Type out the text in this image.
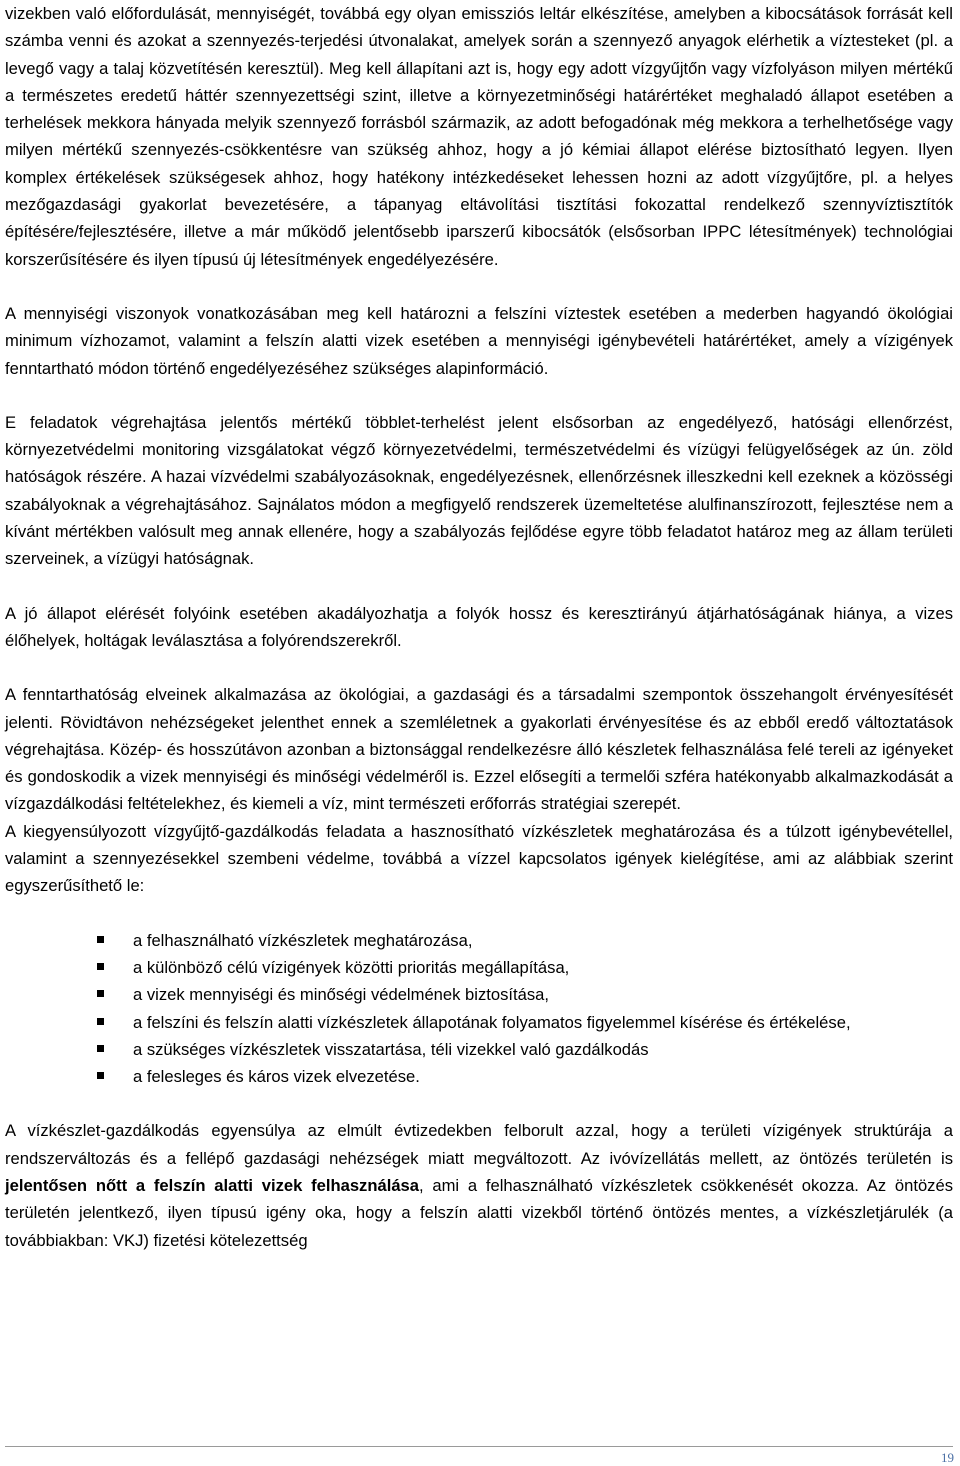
vizekben való előfordulását, mennyiségét, továbbá egy olyan emissziós leltár elkészítése, amelyben a kibocsátások forrását kell számba venni és azokat a szennyezés-terjedési útvonalakat, amelyek során a szennyező anyagok elérhetik a víztesteket (pl. a levegő vagy a talaj közvetítésén keresztül). Meg kell állapítani azt is, hogy egy adott vízgyűjtőn vagy vízfolyáson milyen mértékű a természetes eredetű háttér szennyezettségi szint, illetve a környezetminőségi határértéket meghaladó állapot esetében a terhelések mekkora hányada melyik szennyező forrásból származik, az adott befogadónak még mekkora a terhelhetősége vagy milyen mértékű szennyezés-csökkentésre van szükség ahhoz, hogy a jó kémiai állapot elérése biztosítható legyen. Ilyen komplex értékelések szükségesek ahhoz, hogy hatékony intézkedéseket lehessen hozni az adott vízgyűjtőre, pl. a helyes mezőgazdasági gyakorlat bevezetésére, a tápanyag eltávolítási tisztítási fokozattal rendelkező szennyvíztisztítók építésére/fejlesztésére, illetve a már működő jelentősebb iparszerű kibocsátók (elsősorban IPPC létesítmények) technológiai korszerűsítésére és ilyen típusú új létesítmények engedélyezésére.

A mennyiségi viszonyok vonatkozásában meg kell határozni a felszíni víztestek esetében a mederben hagyandó ökológiai minimum vízhozamot, valamint a felszín alatti vizek esetében a mennyiségi igénybevételi határértéket, amely a vízigények fenntartható módon történő engedélyezéséhez szükséges alapinformáció.

E feladatok végrehajtása jelentős mértékű többlet-terhelést jelent elsősorban az engedélyező, hatósági ellenőrzést, környezetvédelmi monitoring vizsgálatokat végző környezetvédelmi, természetvédelmi és vízügyi felügyelőségek az ún. zöld hatóságok részére. A hazai vízvédelmi szabályozásoknak, engedélyezésnek, ellenőrzésnek illeszkedni kell ezeknek a közösségi szabályoknak a végrehajtásához. Sajnálatos módon a megfigyelő rendszerek üzemeltetése alulfinanszírozott, fejlesztése nem a kívánt mértékben valósult meg annak ellenére, hogy a szabályozás fejlődése egyre több feladatot határoz meg az állam területi szerveinek, a vízügyi hatóságnak.

A jó állapot elérését folyóink esetében akadályozhatja a folyók hossz és keresztirányú átjárhatóságának hiánya, a vizes élőhelyek, holtágak leválasztása a folyórendszerekről.

A fenntarthatóság elveinek alkalmazása az ökológiai, a gazdasági és a társadalmi szempontok összehangolt érvényesítését jelenti. Rövidtávon nehézségeket jelenthet ennek a szemléletnek a gyakorlati érvényesítése és az ebből eredő változtatások végrehajtása. Közép- és hosszútávon azonban a biztonsággal rendelkezésre álló készletek felhasználása felé tereli az igényeket és gondoskodik a vizek mennyiségi és minőségi védelméről is. Ezzel elősegíti a termelői szféra hatékonyabb alkalmazkodását a vízgazdálkodási feltételekhez, és kiemeli a víz, mint természeti erőforrás stratégiai szerepét.

A kiegyensúlyozott vízgyűjtő-gazdálkodás feladata a hasznosítható vízkészletek meghatározása és a túlzott igénybevétellel, valamint a szennyezésekkel szembeni védelme, továbbá a vízzel kapcsolatos igények kielégítése, ami az alábbiak szerint egyszerűsíthető le:

a felhasználható vízkészletek meghatározása,
a különböző célú vízigények közötti prioritás megállapítása,
a vizek mennyiségi és minőségi védelmének biztosítása,
a felszíni és felszín alatti vízkészletek állapotának folyamatos figyelemmel kísérése és értékelése,
a szükséges vízkészletek visszatartása, téli vizekkel való gazdálkodás
a felesleges és káros vizek elvezetése.

A vízkészlet-gazdálkodás egyensúlya az elmúlt évtizedekben felborult azzal, hogy a területi vízigények struktúrája a rendszerváltozás és a fellépő gazdasági nehézségek miatt megváltozott. Az ivóvízellátás mellett, az öntözés területén is jelentősen nőtt a felszín alatti vizek felhasználása, ami a felhasználható vízkészletek csökkenését okozza. Az öntözés területén jelentkező, ilyen típusú igény oka, hogy a felszín alatti vizekből történő öntözés mentes, a vízkészletjárulék (a továbbiakban: VKJ) fizetési kötelezettség

19
